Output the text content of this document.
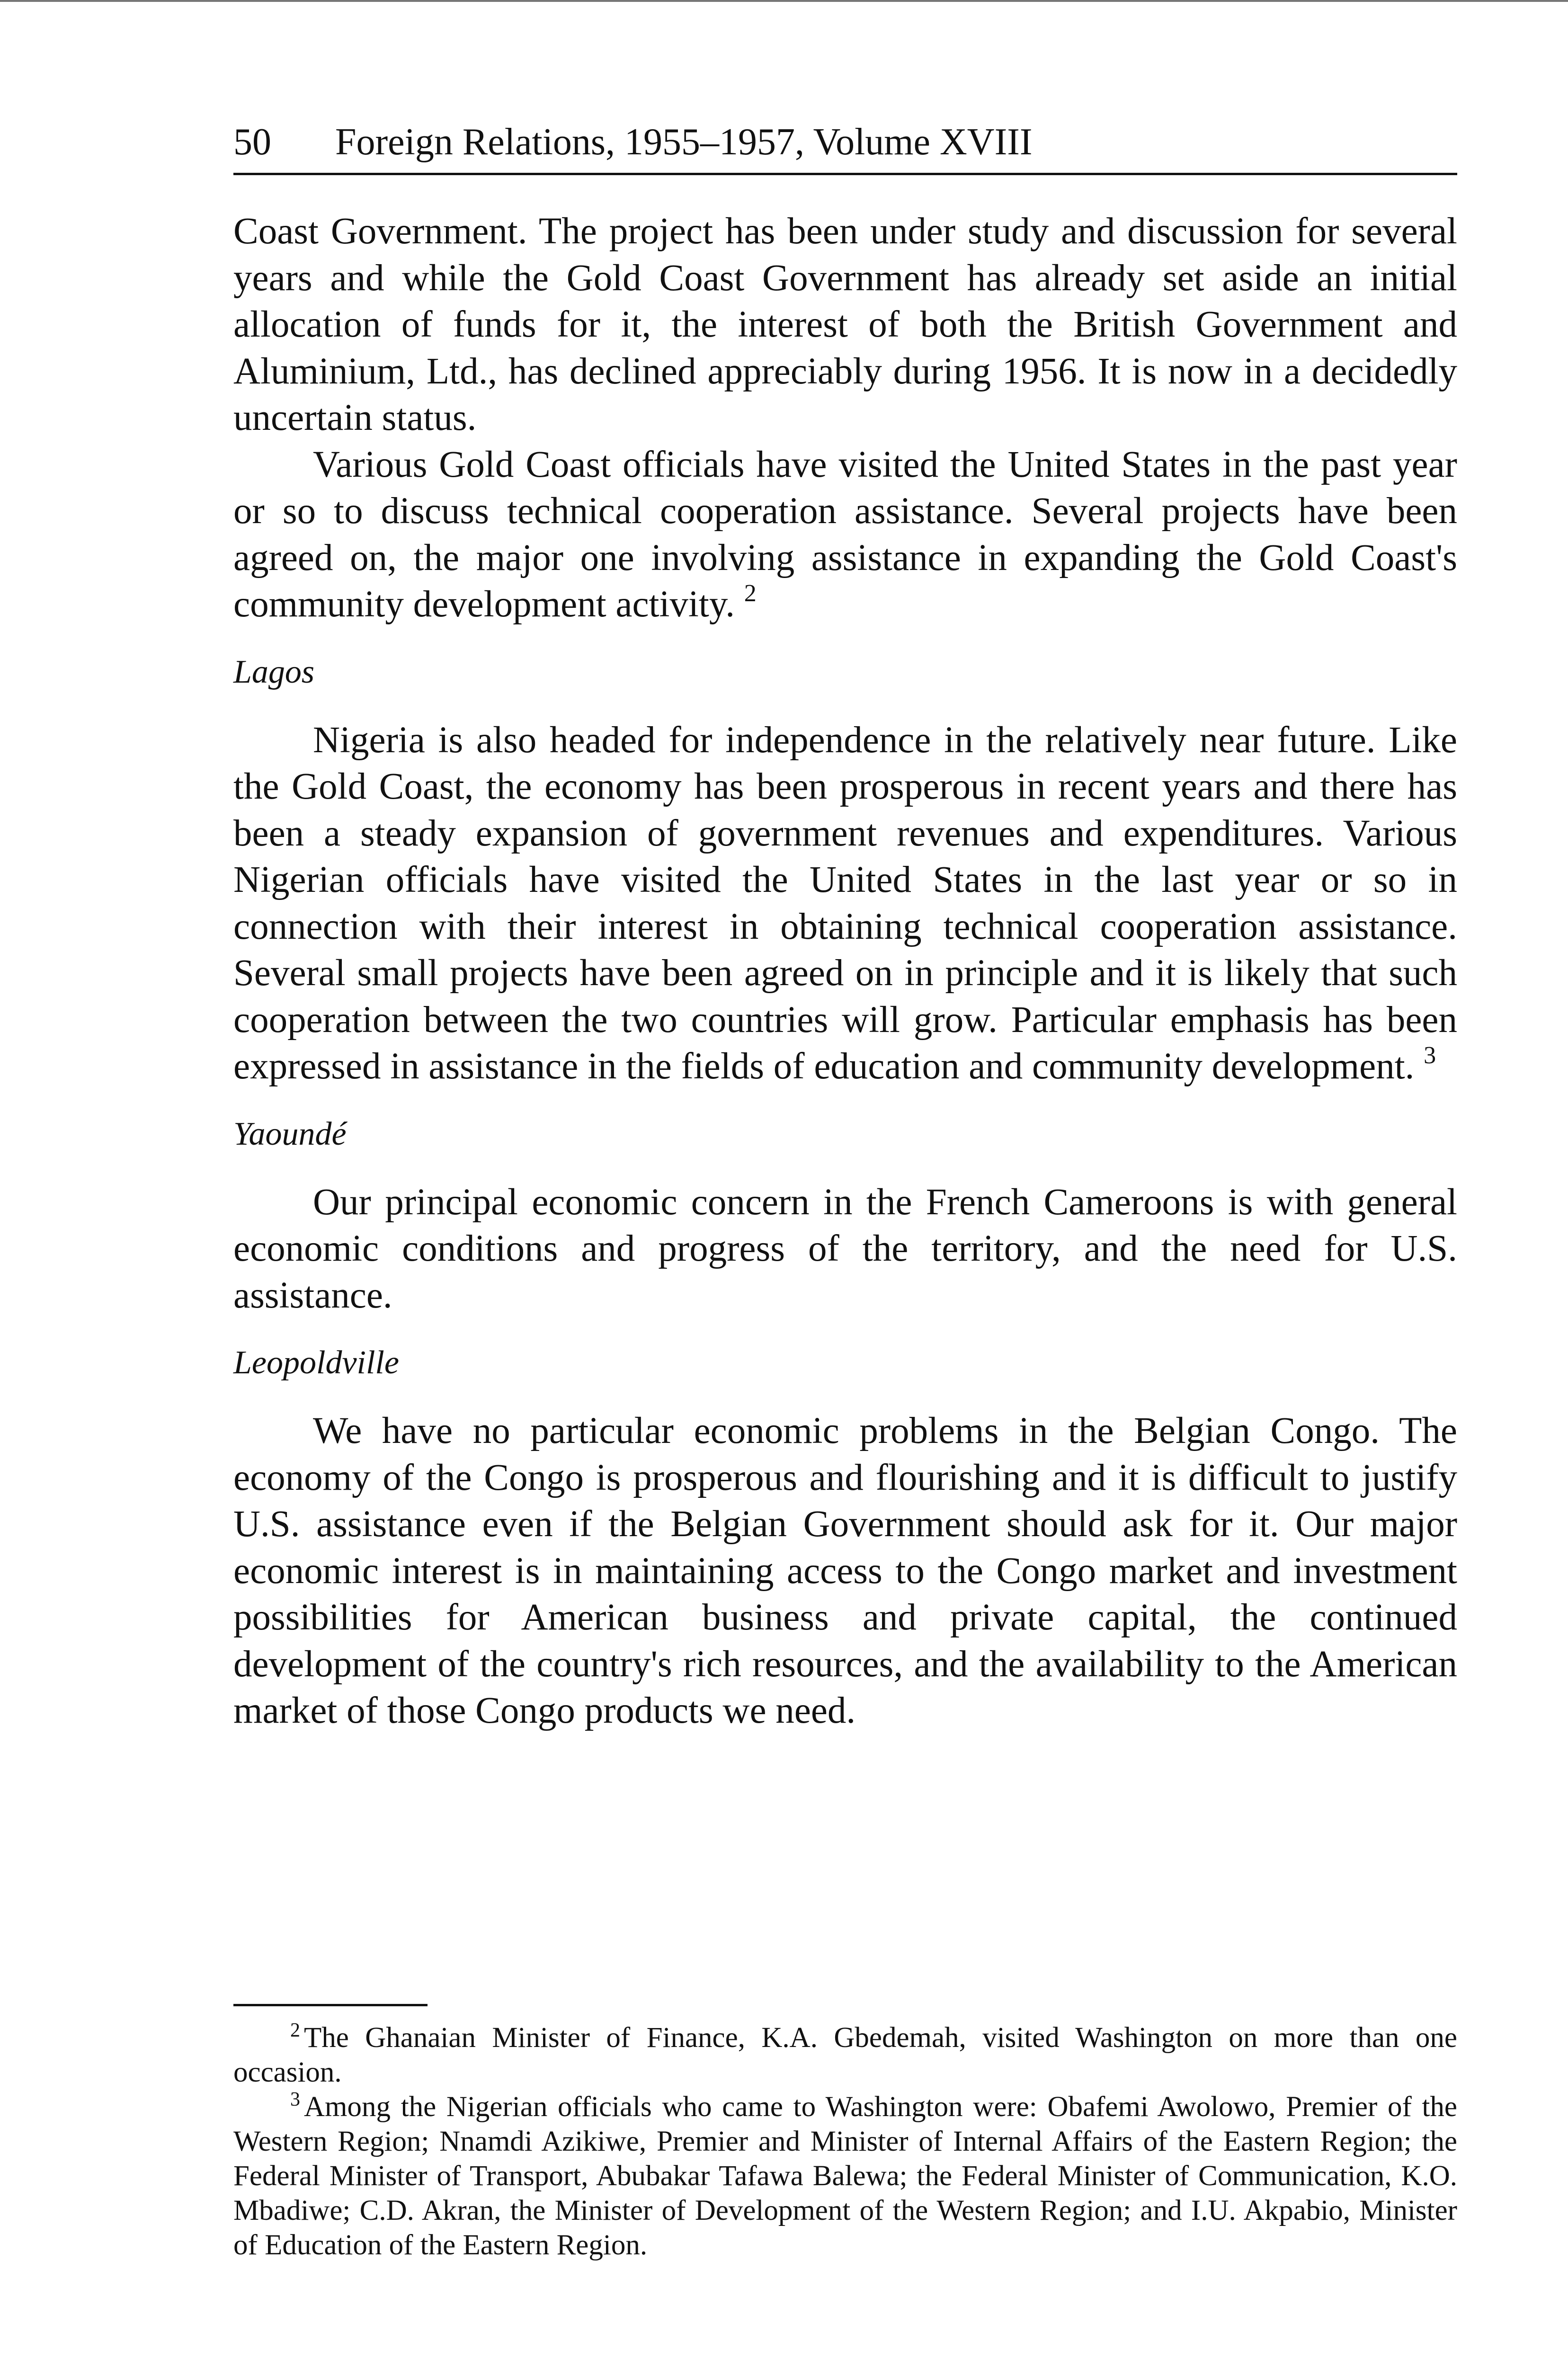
50 Foreign Relations, 1955–1957, Volume XVIII

Coast Government. The project has been under study and discussion for several years and while the Gold Coast Government has already set aside an initial allocation of funds for it, the interest of both the British Government and Aluminium, Ltd., has declined appreciably during 1956. It is now in a decidedly uncertain status.

Various Gold Coast officials have visited the United States in the past year or so to discuss technical cooperation assistance. Several projects have been agreed on, the major one involving assistance in expanding the Gold Coast's community development activity. $^2$

Lagos

Nigeria is also headed for independence in the relatively near future. Like the Gold Coast, the economy has been prosperous in recent years and there has been a steady expansion of government revenues and expenditures. Various Nigerian officials have visited the United States in the last year or so in connection with their interest in obtaining technical cooperation assistance. Several small projects have been agreed on in principle and it is likely that such cooperation between the two countries will grow. Particular emphasis has been expressed in assistance in the fields of education and community development. $^3$

Yaoundé

Our principal economic concern in the French Cameroons is with general economic conditions and progress of the territory, and the need for U.S. assistance.

Leopoldville

We have no particular economic problems in the Belgian Congo. The economy of the Congo is prosperous and flourishing and it is difficult to justify U.S. assistance even if the Belgian Government should ask for it. Our major economic interest is in maintaining access to the Congo market and investment possibilities for American business and private capital, the continued development of the country's rich resources, and the availability to the American market of those Congo products we need.

$^2$ The Ghanaian Minister of Finance, K.A. Gbedemah, visited Washington on more than one occasion.

$^3$ Among the Nigerian officials who came to Washington were: Obafemi Awolowo, Premier of the Western Region; Nnamdi Azikiwe, Premier and Minister of Internal Affairs of the Eastern Region; the Federal Minister of Transport, Abubakar Tafawa Balewa; the Federal Minister of Communication, K.O. Mbadiwe; C.D. Akran, the Minister of Development of the Western Region; and I.U. Akpabio, Minister of Education of the Eastern Region.
